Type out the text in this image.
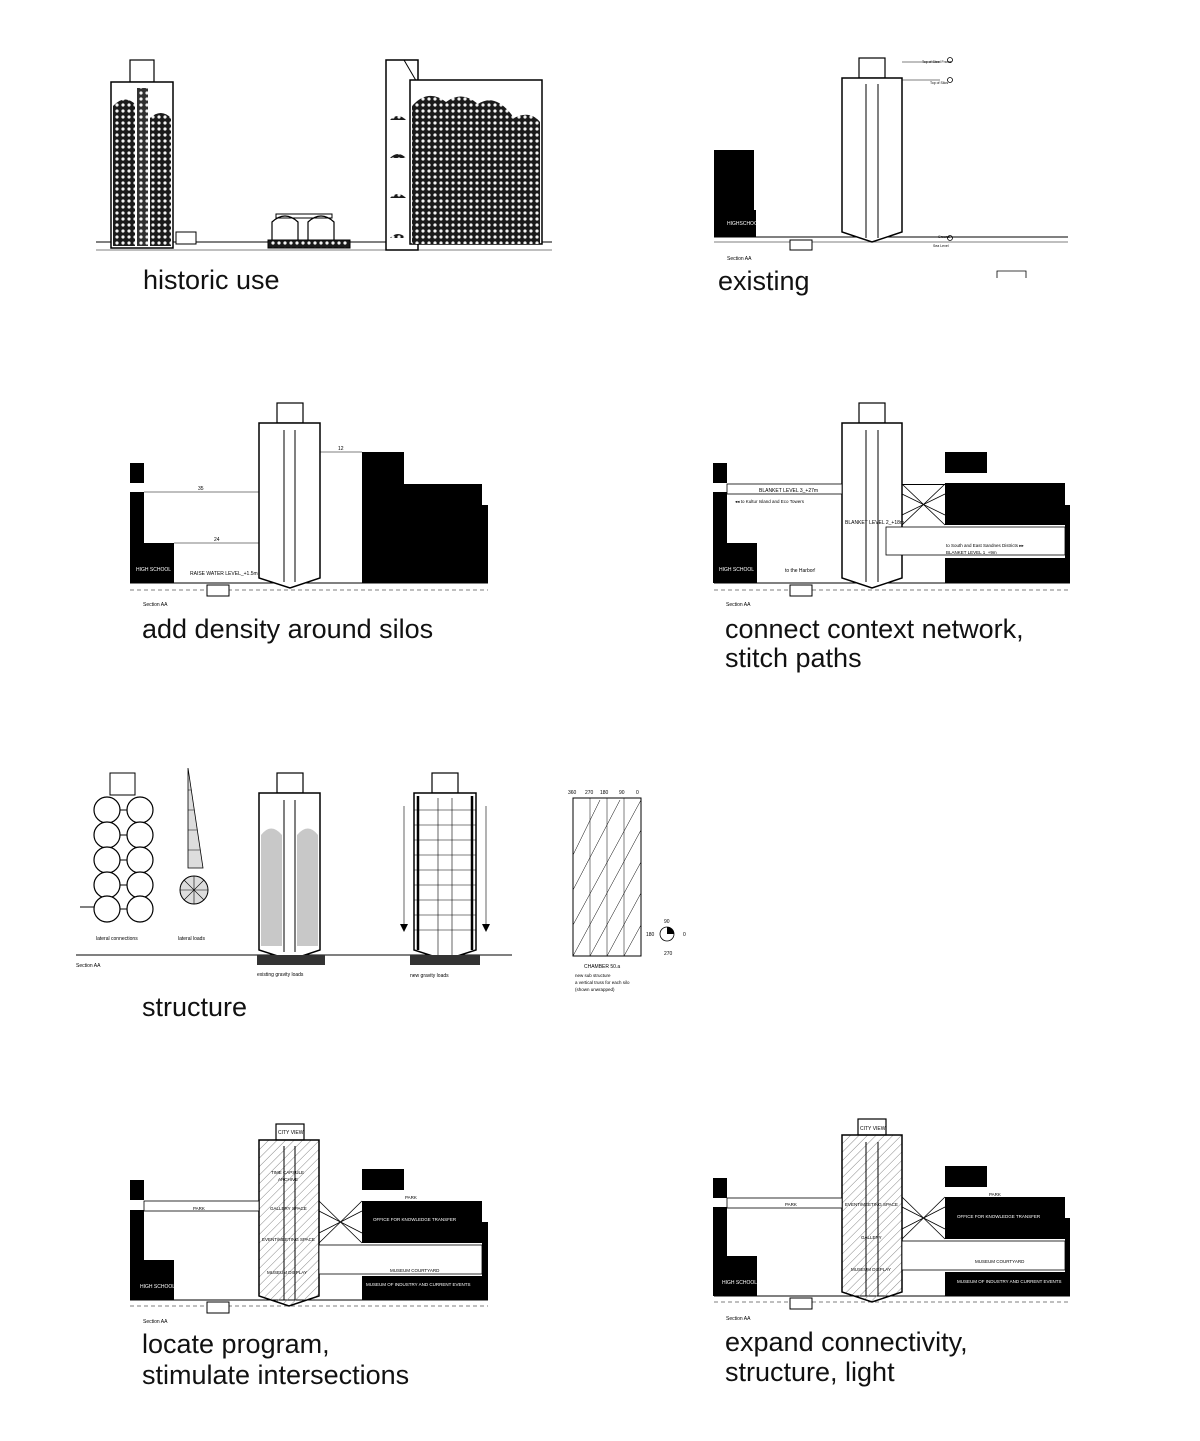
historic use
HIGHSCHOOL
Section AA
Top of Steel Frame
Top of Silos
Ground
Sea Level
existing
HIGH SCHOOL
RAISE WATER LEVEL_+1.5m
35
24
12
Section AA
add density around silos
HIGH SCHOOL
BLANKET LEVEL 3_+27m
◂◂ to Kultur Island and Eco Towers
BLANKET LEVEL 2_+18m
to South and East Sandnes Districts ▸▸
BLANKET LEVEL 1_+9m
to the Harbor!
Section AA
connect context network,
stitch paths
lateral connections	lateral loads
Section AA
existing gravity loads	new gravity loads
360 270 180 90 0
90
180	0
270
CHAMBER 50.a
new sub structure
a vertical truss for each silo
(shown unwrapped)
structure
CITY VIEW
TIME CAPSULE
ARCHIVE
PARK
PARK
GALLERY SPACE
OFFICE FOR KNOWLEDGE TRANSFER
EVENT/MEETING SPACE
MUSEUM DISPLAY	MUSEUM COURTYARD
MUSEUM OF INDUSTRY AND CURRENT EVENTS
HIGH SCHOOL
Section AA
locate program,
stimulate intersections
CITY VIEW
PARK
PARK
EVENT/MEETING SPACE
OFFICE FOR KNOWLEDGE TRANSFER
GALLERY
MUSEUM DISPLAY
MUSEUM COURTYARD
MUSEUM OF INDUSTRY AND CURRENT EVENTS
HIGH SCHOOL
Section AA
expand connectivity,
structure, light
